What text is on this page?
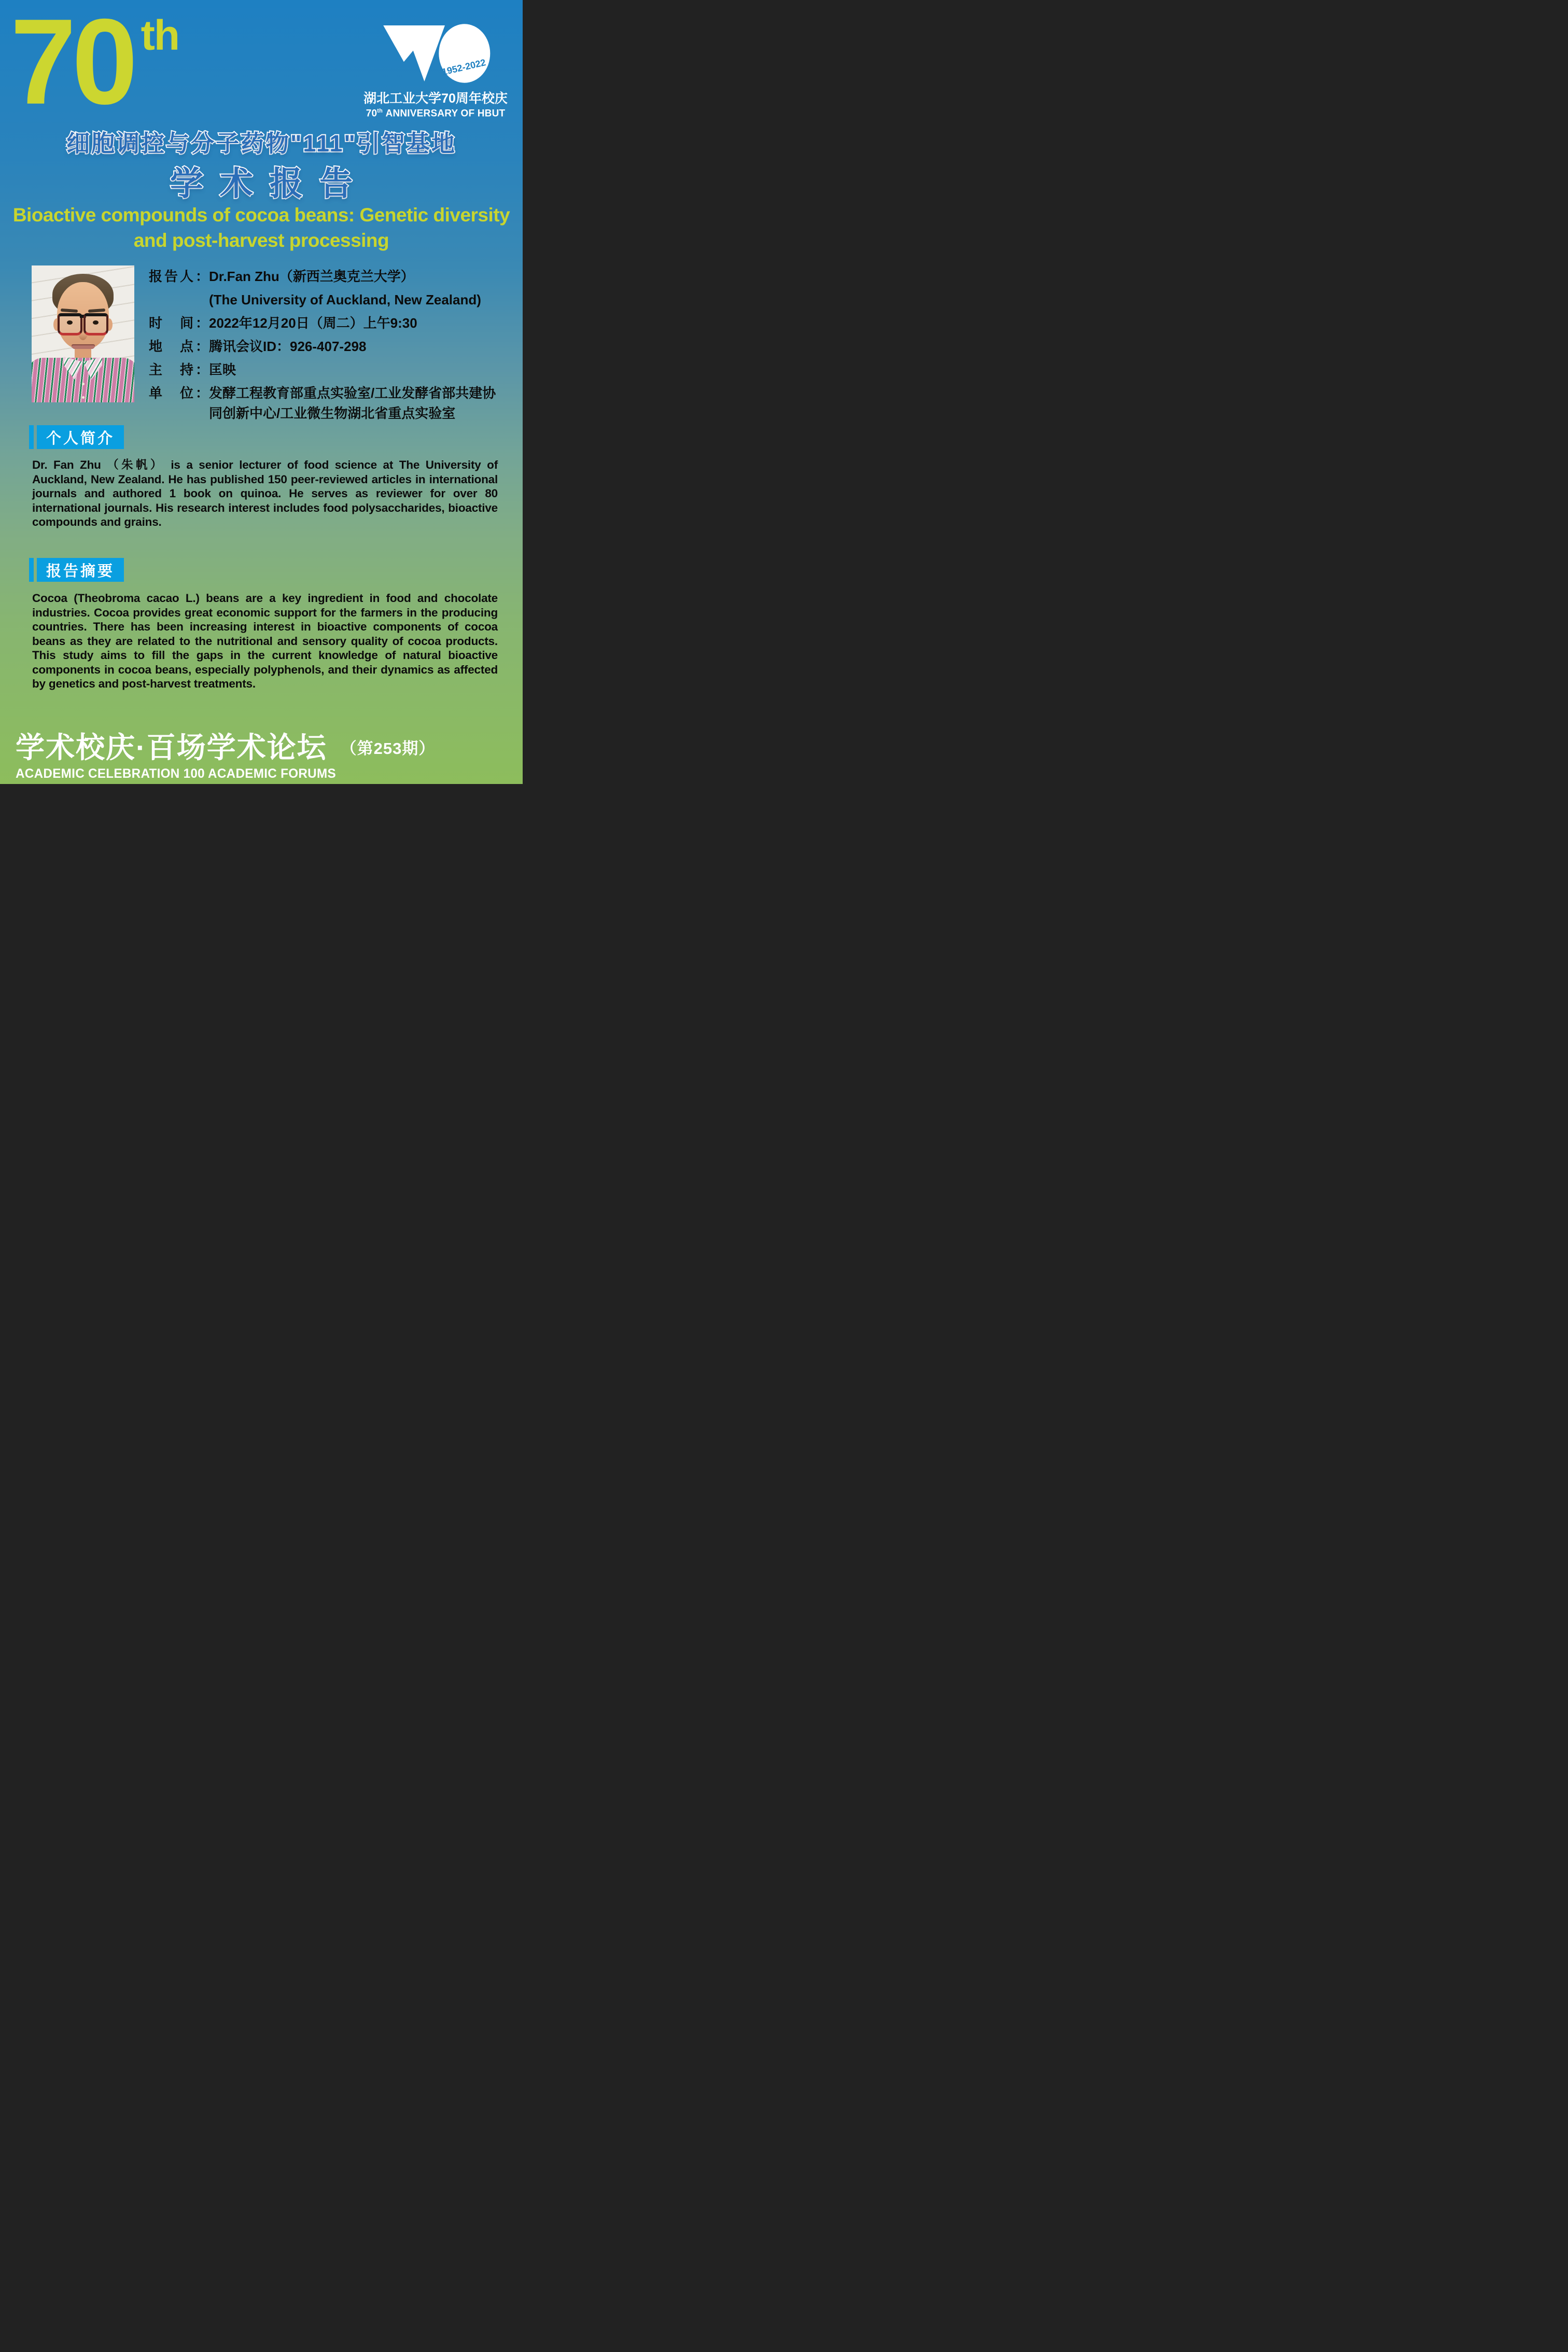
70 th
1952-2022
湖北工业大学70周年校庆
70th ANNIVERSARY OF HBUT
细胞调控与分子药物"111"引智基地
学术报告
Bioactive compounds of cocoa beans: Genetic diversity
and post-harvest processing
报告人： Dr.Fan Zhu（新西兰奥克兰大学）
(The University of Auckland, New Zealand)
时　间： 2022年12月20日（周二）上午9:30
地　点： 腾讯会议ID：926-407-298
主　持： 匡映
单　位： 发酵工程教育部重点实验室/工业发酵省部共建协同创新中心/工业微生物湖北省重点实验室
个人简介
Dr. Fan Zhu （朱帆） is a senior lecturer of food science at The University of Auckland, New Zealand. He has published 150 peer-reviewed articles in international journals and authored 1 book on quinoa. He serves as reviewer for over 80 international journals. His research interest includes food polysaccharides, bioactive compounds and grains.
报告摘要
Cocoa (Theobroma cacao L.) beans are a key ingredient in food and chocolate industries. Cocoa provides great economic support for the farmers in the producing countries. There has been increasing interest in bioactive components of cocoa beans as they are related to the nutritional and sensory quality of cocoa products. This study aims to fill the gaps in the current knowledge of natural bioactive components in cocoa beans, especially polyphenols, and their dynamics as affected by genetics and post-harvest treatments.
学术校庆·百场学术论坛 （第253期）
ACADEMIC CELEBRATION 100 ACADEMIC FORUMS
